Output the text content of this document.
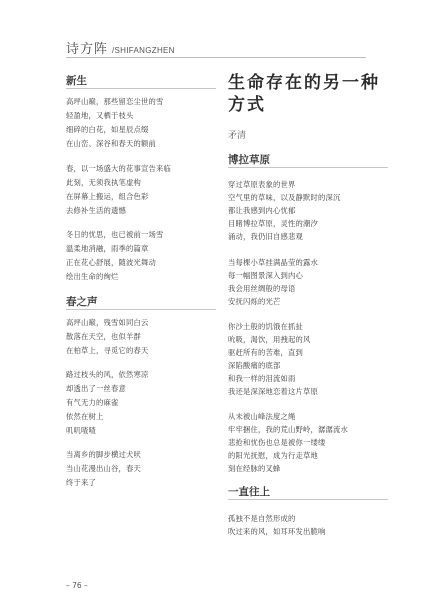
诗方阵 /SHIFANGZHEN
新生
高坪山巅，那些留恋尘世的雪
轻盈地，又栖于枝头
细碎的白花，如星辰点缀
在山峦、深谷和春天的额前
春，以一场盛大的花事宣告来临
此刻，无须我执笔虚构
在屏幕上搬运，组合色彩
去修补生活的遗憾
冬日的忧思，也已被前一场雪
温柔地消融，雨季的篇章
正在花心舒展，随波光舞动
绘出生命的绚烂
春之声
高坪山巅，残雪如同白云
散落在天空，也似羊群
在柏草上，寻觅它的春天
路过枝头的风，依然寒凉
却透出了一丝春意
有气无力的麻雀
依然在树上
叽叽喳喳
当离乡的脚步横过犬吠
当山花漫出山谷，春天
终于来了
生命存在的另一种
方式
矛清
博拉草原
穿过草原表象的世界
空气里的草味，以及静默时的深沉
都让我感到内心忧郁
目睹博拉草原，灵性的潮汐
涌动，我仍旧自感悲观
当每棵小草挂满晶莹的露水
每一幅图景深入到内心
我会用丝绸般的母语
安抚闪烁的光芒
你沙土般的饥饿在抓扯
吮吸，渴饮，用拽起的风
驱赶所有的苦难，直到
深陷酸痛的底部
和我一样的泪流如雨
我还是深深地恋着这片草原
从未被山峰法度之绳
牢牢捆住，我的荒山野岭，潺潺流水
悲抢和忧伤也总是被你一缕缕
的阳光抚慰，成为行走草地
刻在经脉的叉蜂
一直往上
孤独不是自然形成的
吹过来的风，如耳环发出脆响
– 76 –
